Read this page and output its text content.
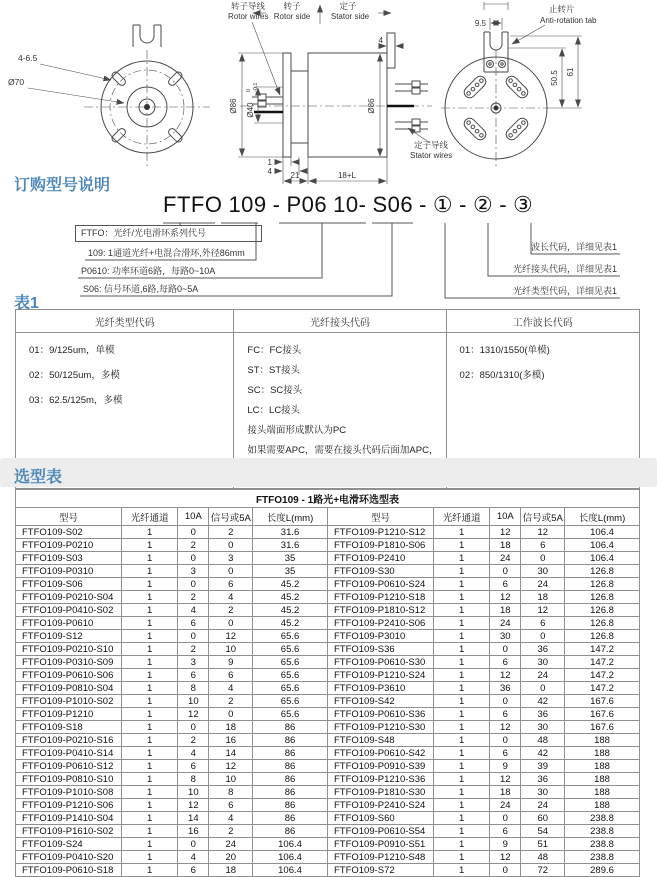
4-6.5
Ø70
Ø86 Ø40
0 -0.1
Ø86
4
1
4 21	18+L
转子
Rotor side
定子
Stator side
转子导线
Rotor wires
定子导线
Stator wires
9.5
止转片
Anti-rotation tab
50.5 61
订购型号说明
FTFO 109 - P06 10- S06 - ① - ② - ③
FTFO：光纤/光电滑环系列代号
109: 1通道光纤+电混合滑环,外径86mm
P0610: 功率环道6路，每路0~10A
S06: 信号环道,6路,每路0~5A
波长代码，详细见表1
光纤接头代码，详细见表1
光纤类型代码，详细见表1
表1
光纤类型代码	光纤接头代码	工作波长代码

01：9/125um，单模
02：50/125um，多模
03：62.5/125m，多模

FC：FC接头
ST：ST接头
SC：SC接头
LC：LC接头
接头端面形成默认为PC
如果需要APC，需要在接头代码后面加APC，

01：1310/1550(单模)
02：850/1310(多模)
选型表
FTFO109 - 1路光+电滑环选型表									
型号	光纤通道	10A	信号或5A	长度L(mm)	型号	光纤通道	10A	信号或5A	长度L(mm)
FTFO109-S02	1	0	2	31.6	FTFO109-P1210-S12	1	12	12	106.4
FTFO109-P0210	1	2	0	31.6	FTFO109-P1810-S06	1	18	6	106.4
FTFO109-S03	1	0	3	35	FTFO109-P2410	1	24	0	106.4
FTFO109-P0310	1	3	0	35	FTFO109-S30	1	0	30	126.8
FTFO109-S06	1	0	6	45.2	FTFO109-P0610-S24	1	6	24	126.8
FTFO109-P0210-S04	1	2	4	45.2	FTFO109-P1210-S18	1	12	18	126.8
FTFO109-P0410-S02	1	4	2	45.2	FTFO109-P1810-S12	1	18	12	126.8
FTFO109-P0610	1	6	0	45.2	FTFO109-P2410-S06	1	24	6	126.8
FTFO109-S12	1	0	12	65.6	FTFO109-P3010	1	30	0	126.8
FTFO109-P0210-S10	1	2	10	65.6	FTFO109-S36	1	0	36	147.2
FTFO109-P0310-S09	1	3	9	65.6	FTFO109-P0610-S30	1	6	30	147.2
FTFO109-P0610-S06	1	6	6	65.6	FTFO109-P1210-S24	1	12	24	147.2
FTFO109-P0810-S04	1	8	4	65.6	FTFO109-P3610	1	36	0	147.2
FTFO109-P1010-S02	1	10	2	65.6	FTFO109-S42	1	0	42	167.6
FTFO109-P1210	1	12	0	65.6	FTFO109-P0610-S36	1	6	36	167.6
FTFO109-S18	1	0	18	86	FTFO109-P1210-S30	1	12	30	167.6
FTFO109-P0210-S16	1	2	16	86	FTFO109-S48	1	0	48	188
FTFO109-P0410-S14	1	4	14	86	FTFO109-P0610-S42	1	6	42	188
FTFO109-P0610-S12	1	6	12	86	FTFO109-P0910-S39	1	9	39	188
FTFO109-P0810-S10	1	8	10	86	FTFO109-P1210-S36	1	12	36	188
FTFO109-P1010-S08	1	10	8	86	FTFO109-P1810-S30	1	18	30	188
FTFO109-P1210-S06	1	12	6	86	FTFO109-P2410-S24	1	24	24	188
FTFO109-P1410-S04	1	14	4	86	FTFO109-S60	1	0	60	238.8
FTFO109-P1610-S02	1	16	2	86	FTFO109-P0610-S54	1	6	54	238.8
FTFO109-S24	1	0	24	106.4	FTFO109-P0910-S51	1	9	51	238.8
FTFO109-P0410-S20	1	4	20	106.4	FTFO109-P1210-S48	1	12	48	238.8
FTFO109-P0610-S18	1	6	18	106.4	FTFO109-S72	1	0	72	289.6
